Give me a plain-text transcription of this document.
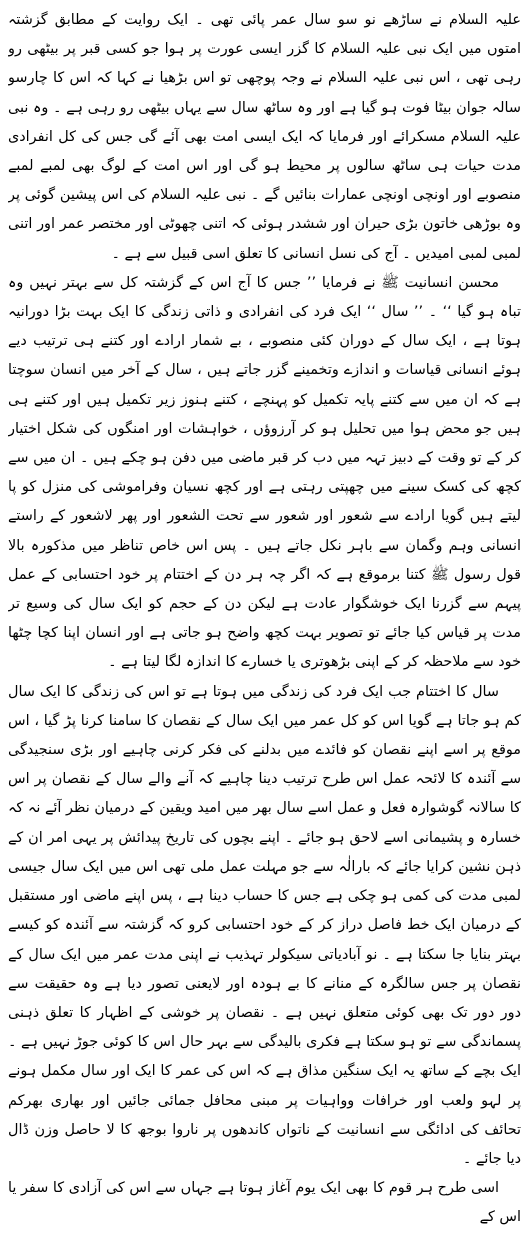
علیہ السلام نے ساڑھے نو سو سال عمر پائی تھی ۔ ایک روایت کے مطابق گزشتہ امتوں میں ایک نبی علیہ السلام کا گزر ایسی عورت پر ہوا جو کسی قبر پر بیٹھی رو رہی تھی ، اس نبی علیہ السلام نے وجہ پوچھی تو اس بڑھیا نے کہا کہ اس کا چارسو سالہ جوان بیٹا فوت ہو گیا ہے اور وہ ساٹھ سال سے یہاں بیٹھی رو رہی ہے ۔ وہ نبی علیہ السلام مسکرائے اور فرمایا کہ ایک ایسی امت بھی آئے گی جس کی کل انفرادی مدت حیات ہی ساٹھ سالوں پر محیط ہو گی اور اس امت کے لوگ بھی لمبے لمبے منصوبے اور اونچی اونچی عمارات بنائیں گے ۔ نبی علیہ السلام کی اس پیشین گوئی پر وہ بوڑھی خاتون بڑی حیران اور ششدر ہوئی کہ اتنی چھوٹی اور مختصر عمر اور اتنی لمبی لمبی امیدیں ۔ آج کی نسل انسانی کا تعلق اسی قبیل سے ہے ۔

محسن انسانیت ﷺ نے فرمایا ’’ جس کا آج اس کے گزشتہ کل سے بہتر نہیں وہ تباہ ہو گیا ‘‘ ۔ ’’ سال ‘‘ ایک فرد کی انفرادی و ذاتی زندگی کا ایک بہت بڑا دورانیہ ہوتا ہے ، ایک سال کے دوران کئی منصوبے ، بے شمار ارادے اور کتنے ہی ترتیب دیے ہوئے انسانی قیاسات و اندازے وتخمینے گزر جاتے ہیں ، سال کے آخر میں انسان سوچتا ہے کہ ان میں سے کتنے پایہ تکمیل کو پہنچے ، کتنے ہنوز زیر تکمیل ہیں اور کتنے ہی ہیں جو محض ہوا میں تحلیل ہو کر آرزوؤں ، خواہشات اور امنگوں کی شکل اختیار کر کے تو وقت کے دبیز تہہ میں دب کر قبر ماضی میں دفن ہو چکے ہیں ۔ ان میں سے کچھ کی کسک سینے میں چھپتی رہتی ہے اور کچھ نسیان وفراموشی کی منزل کو پا لیتے ہیں گویا ارادے سے شعور اور شعور سے تحت الشعور اور پھر لاشعور کے راستے انسانی وہم وگمان سے باہر نکل جاتے ہیں ۔ پس اس خاص تناظر میں مذکورہ بالا قول رسول ﷺ کتنا برموقع ہے کہ اگر چہ ہر دن کے اختتام پر خود احتسابی کے عمل پیہم سے گزرنا ایک خوشگوار عادت ہے لیکن دن کے حجم کو ایک سال کی وسیع تر مدت پر قیاس کیا جائے تو تصویر بہت کچھ واضح ہو جاتی ہے اور انسان اپنا کچا چٹھا خود سے ملاحظہ کر کے اپنی بڑھوتری یا خسارے کا اندازہ لگا لیتا ہے ۔

سال کا اختتام جب ایک فرد کی زندگی میں ہوتا ہے تو اس کی زندگی کا ایک سال کم ہو جاتا ہے گویا اس کو کل عمر میں ایک سال کے نقصان کا سامنا کرنا پڑ گیا ، اس موقع پر اسے اپنے نقصان کو فائدے میں بدلنے کی فکر کرنی چاہیے اور بڑی سنجیدگی سے آئندہ کا لائحہ عمل اس طرح ترتیب دینا چاہیے کہ آنے والے سال کے نقصان پر اس کا سالانہ گوشوارہ فعل و عمل اسے سال بھر میں امید ویقین کے درمیان نظر آئے نہ کہ خسارہ و پشیمانی اسے لاحق ہو جائے ۔ اپنے بچوں کی تاریخ پیدائش پر یہی امر ان کے ذہن نشین کرایا جائے کہ بارالٰہ سے جو مہلت عمل ملی تھی اس میں ایک سال جیسی لمبی مدت کی کمی ہو چکی ہے جس کا حساب دینا ہے ، پس اپنے ماضی اور مستقبل کے درمیان ایک خط فاصل دراز کر کے خود احتسابی کرو کہ گزشتہ سے آئندہ کو کیسے بہتر بنایا جا سکتا ہے ۔ نو آبادیاتی سیکولر تہذیب نے اپنی مدت عمر میں ایک سال کے نقصان پر جس سالگرہ کے منانے کا بے ہودہ اور لایعنی تصور دیا ہے وہ حقیقت سے دور دور تک بھی کوئی متعلق نہیں ہے ۔ نقصان پر خوشی کے اظہار کا تعلق ذہنی پسماندگی سے تو ہو سکتا ہے فکری بالیدگی سے بہر حال اس کا کوئی جوڑ نہیں ہے ۔ ایک بچے کے ساتھ یہ ایک سنگین مذاق ہے کہ اس کی عمر کا ایک اور سال مکمل ہونے پر لہو ولعب اور خرافات وواہیات پر مبنی محافل جمائی جائیں اور بھاری بھرکم تحائف کی ادائگی سے انسانیت کے ناتواں کاندھوں پر ناروا بوجھ کا لا حاصل وزن ڈال دیا جائے ۔

اسی طرح ہر قوم کا بھی ایک یوم آغاز ہوتا ہے جہاں سے اس کی آزادی کا سفر یا اس کے
